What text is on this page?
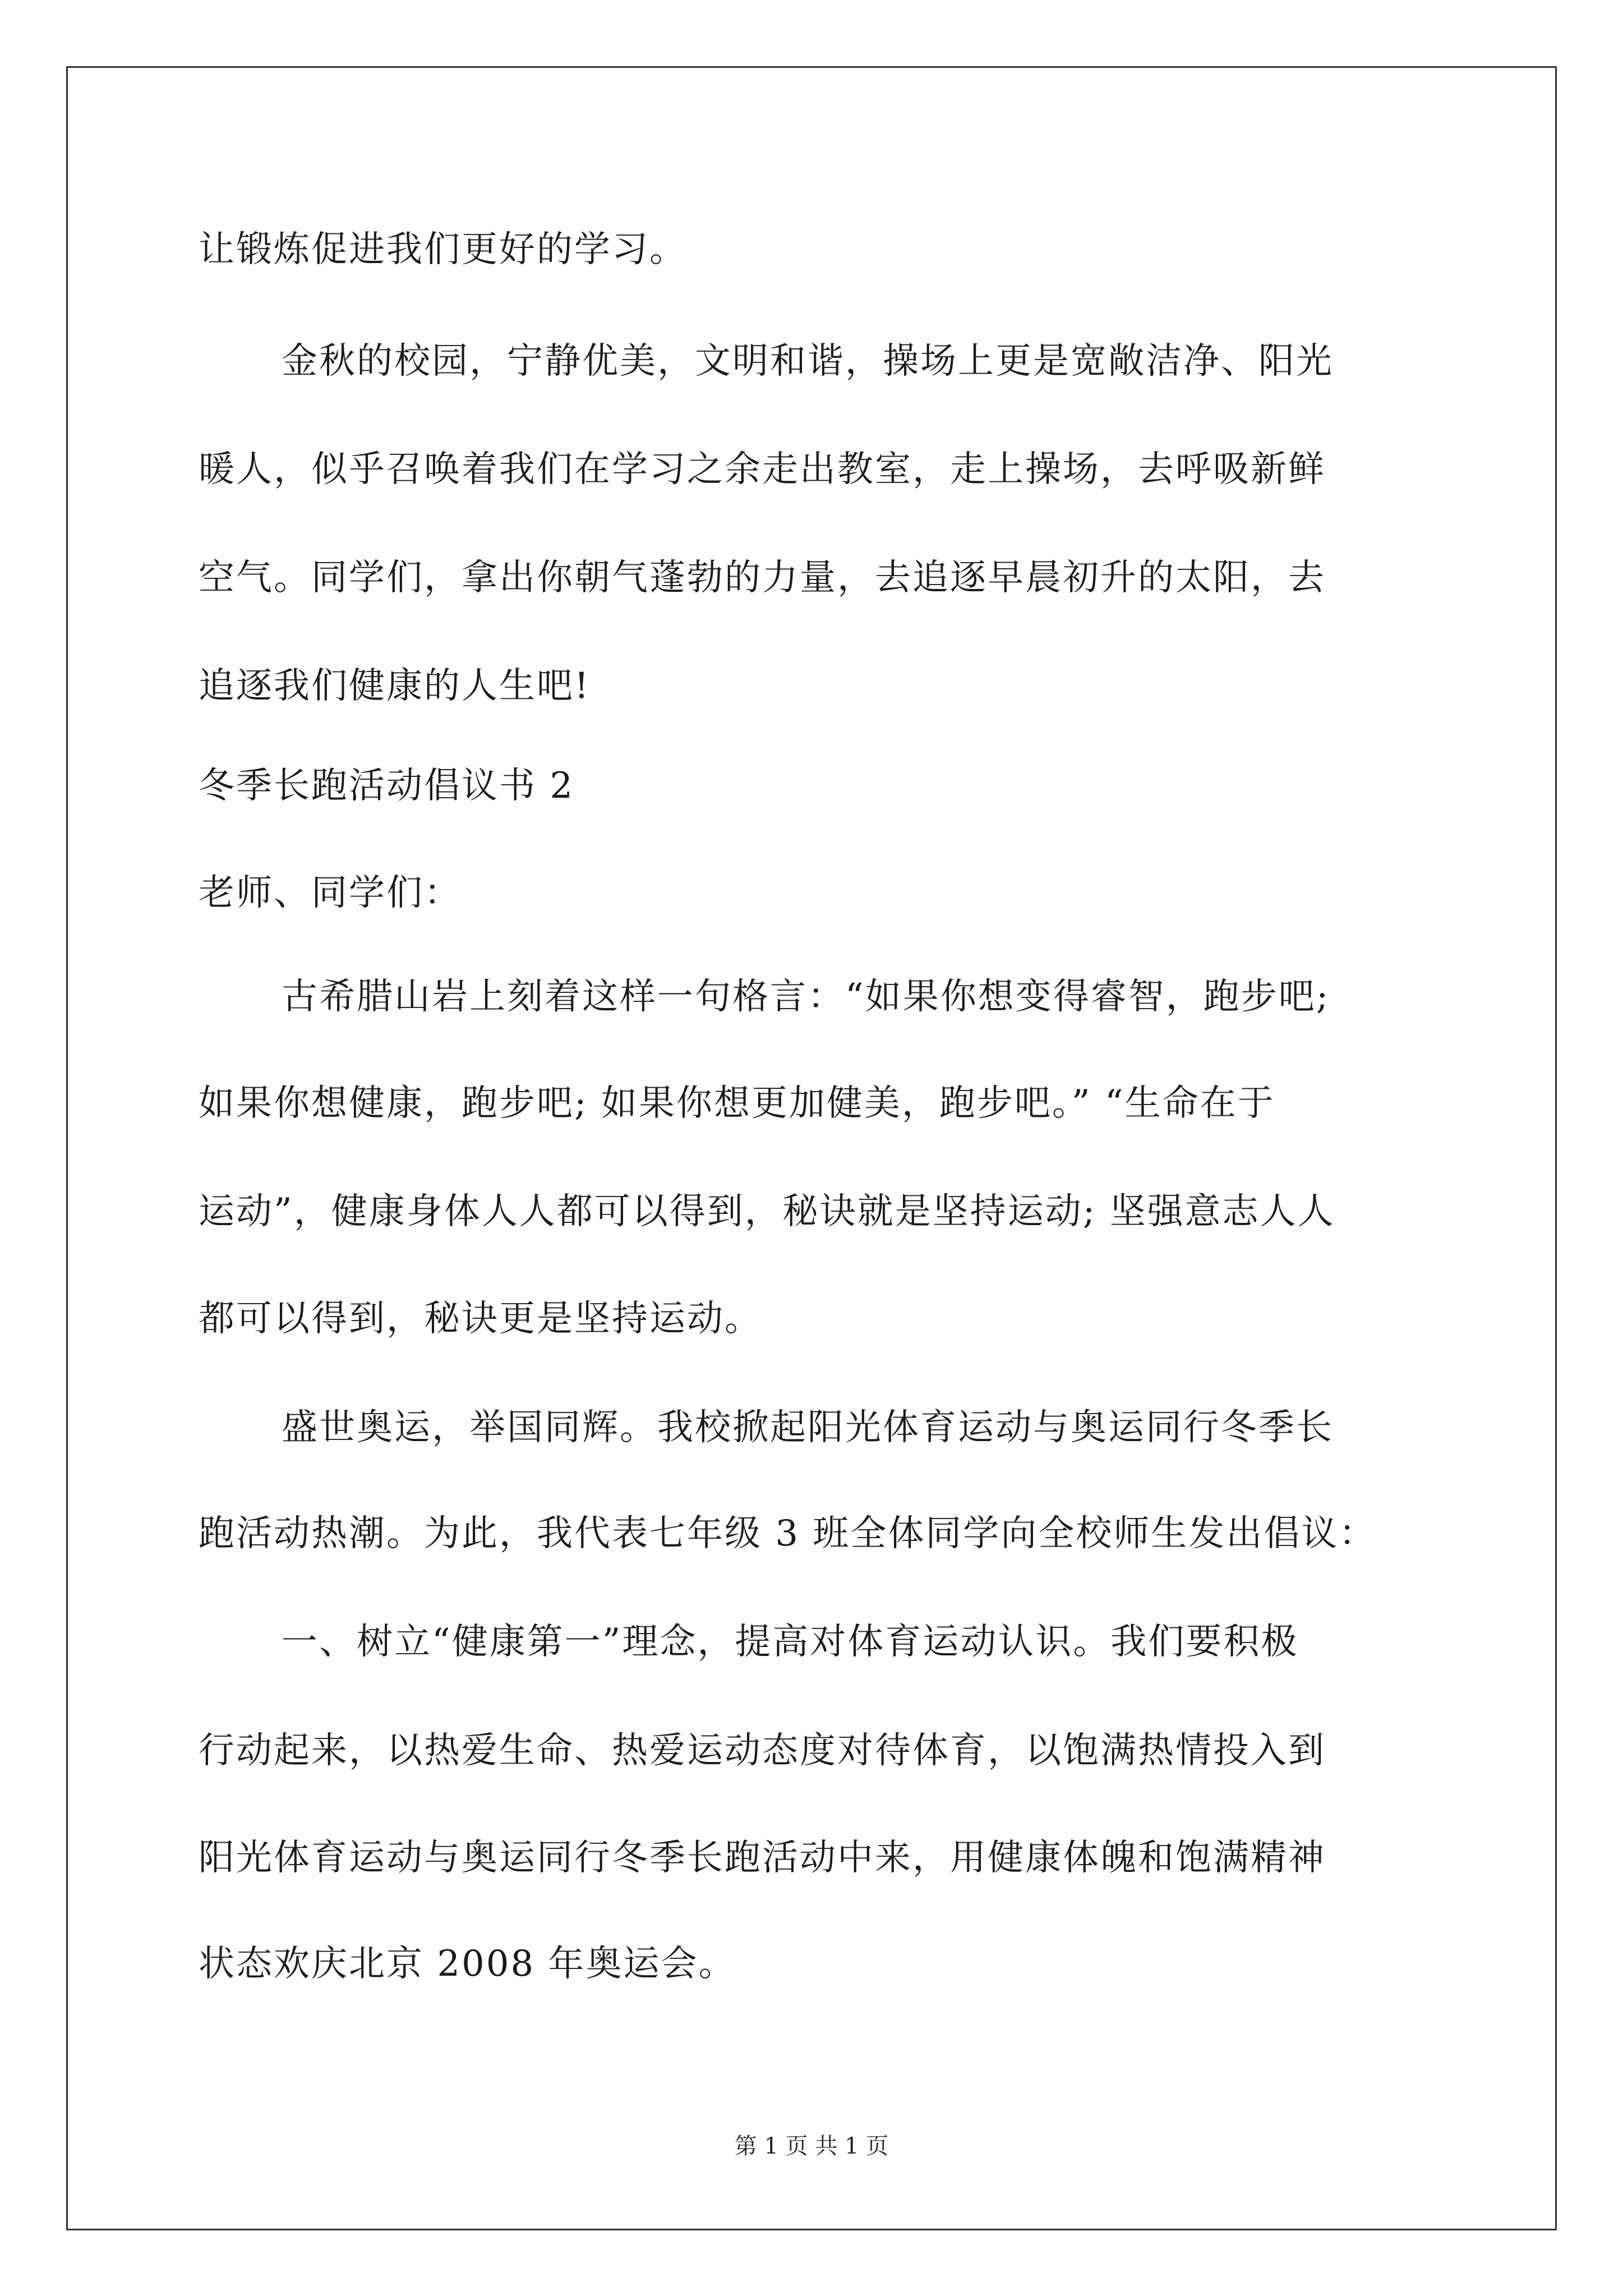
让锻炼促进我们更好的学习。
金秋的校园，宁静优美，文明和谐，操场上更是宽敞洁净、阳光
暖人，似乎召唤着我们在学习之余走出教室，走上操场，去呼吸新鲜
空气。同学们，拿出你朝气蓬勃的力量，去追逐早晨初升的太阳，去
追逐我们健康的人生吧!
冬季长跑活动倡议书 2
老师、同学们：
古希腊山岩上刻着这样一句格言：“如果你想变得睿智，跑步吧;
如果你想健康，跑步吧; 如果你想更加健美，跑步吧。” “生命在于
运动”，健康身体人人都可以得到，秘诀就是坚持运动; 坚强意志人人
都可以得到，秘诀更是坚持运动。
盛世奥运，举国同辉。我校掀起阳光体育运动与奥运同行冬季长
跑活动热潮。为此，我代表七年级 3 班全体同学向全校师生发出倡议：
一、树立“健康第一”理念，提高对体育运动认识。我们要积极
行动起来，以热爱生命、热爱运动态度对待体育，以饱满热情投入到
阳光体育运动与奥运同行冬季长跑活动中来，用健康体魄和饱满精神
状态欢庆北京 2008 年奥运会。
第 1 页 共 1 页
